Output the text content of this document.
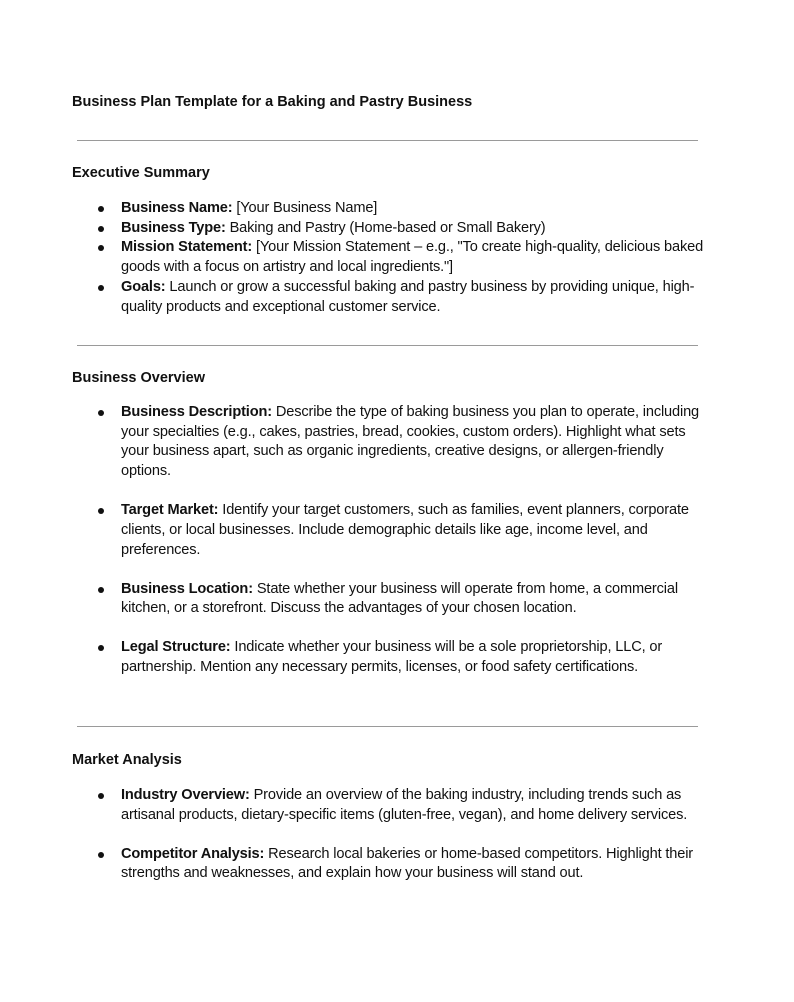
Business Plan Template for a Baking and Pastry Business
Executive Summary
Business Name: [Your Business Name]
Business Type: Baking and Pastry (Home-based or Small Bakery)
Mission Statement: [Your Mission Statement – e.g., "To create high-quality, delicious baked goods with a focus on artistry and local ingredients."]
Goals: Launch or grow a successful baking and pastry business by providing unique, high-quality products and exceptional customer service.
Business Overview
Business Description: Describe the type of baking business you plan to operate, including your specialties (e.g., cakes, pastries, bread, cookies, custom orders). Highlight what sets your business apart, such as organic ingredients, creative designs, or allergen-friendly options.
Target Market: Identify your target customers, such as families, event planners, corporate clients, or local businesses. Include demographic details like age, income level, and preferences.
Business Location: State whether your business will operate from home, a commercial kitchen, or a storefront. Discuss the advantages of your chosen location.
Legal Structure: Indicate whether your business will be a sole proprietorship, LLC, or partnership. Mention any necessary permits, licenses, or food safety certifications.
Market Analysis
Industry Overview: Provide an overview of the baking industry, including trends such as artisanal products, dietary-specific items (gluten-free, vegan), and home delivery services.
Competitor Analysis: Research local bakeries or home-based competitors. Highlight their strengths and weaknesses, and explain how your business will stand out.
